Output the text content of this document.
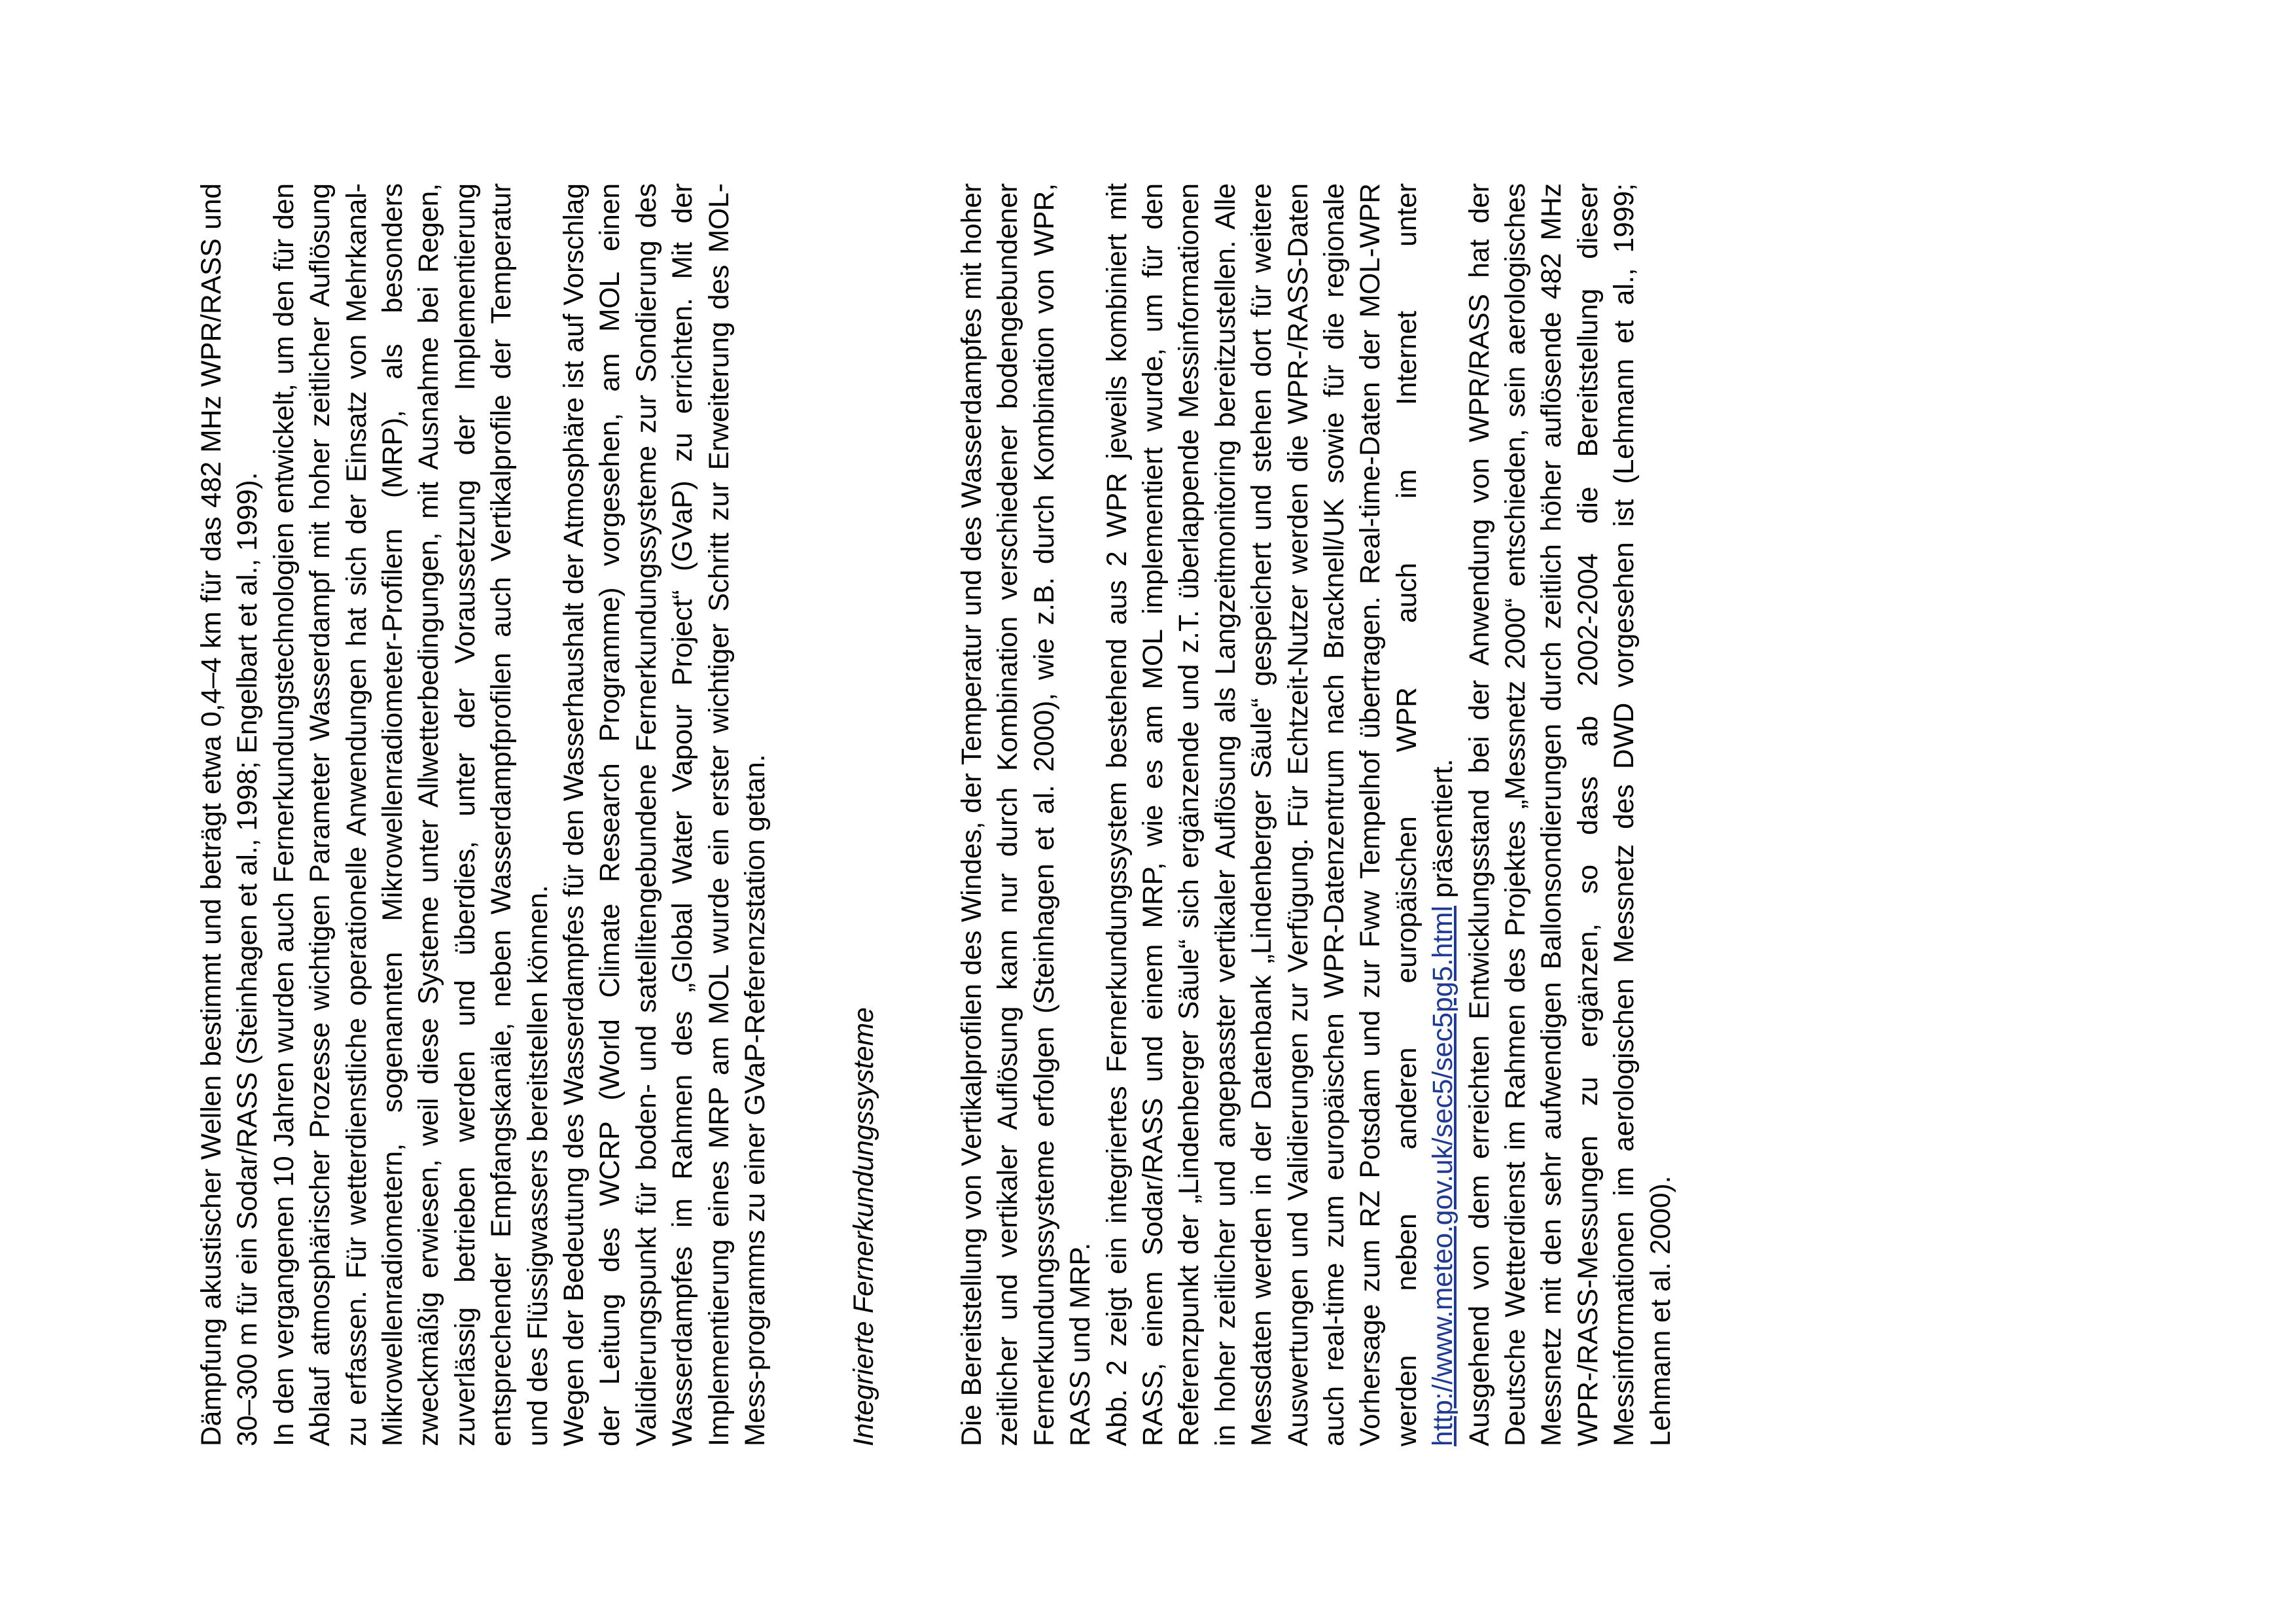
Dämpfung akustischer Wellen bestimmt und beträgt etwa 0,4–4 km für das 482 MHz WPR/RASS und 30–300 m für ein Sodar/RASS (Steinhagen et al., 1998; Engelbart et al., 1999). In den vergangenen 10 Jahren wurden auch Fernerkundungstechnologien entwickelt, um den für den Ablauf atmosphärischer Prozesse wichtigen Parameter Wasserdampf mit hoher zeitlicher Auflösung zu erfassen. Für wetterdienstliche operationelle Anwendungen hat sich der Einsatz von Mehrkanal-Mikrowellenradiometern, sogenannten Mikrowellenradiometer-Profilern (MRP), als besonders zweckmäßig erwiesen, weil diese Systeme unter Allwetterbedingungen, mit Ausnahme bei Regen, zuverlässig betrieben werden und überdies, unter der Voraussetzung der Implementierung entsprechender Empfangskanäle, neben Wasserdampfprofilen auch Vertikalprofile der Temperatur und des Flüssigwassers bereitstellen können. Wegen der Bedeutung des Wasserdampfes für den Wasserhaushalt der Atmosphäre ist auf Vorschlag der Leitung des WCRP (World Climate Research Programme) vorgesehen, am MOL einen Validierungspunkt für boden- und satellitengebundene Fernerkundungssysteme zur Sondierung des Wasserdampfes im Rahmen des „Global Water Vapour Project“ (GVaP) zu errichten. Mit der Implementierung eines MRP am MOL wurde ein erster wichtiger Schritt zur Erweiterung des MOL-Mess-programms zu einer GVaP-Referenzstation getan.	Integrierte Fernerkundungssysteme	Die Bereitstellung von Vertikalprofilen des Windes, der Temperatur und des Wasserdampfes mit hoher zeitlicher und vertikaler Auflösung kann nur durch Kombination verschiedener bodengebundener Fernerkundungssysteme erfolgen (Steinhagen et al. 2000), wie z.B. durch Kombination von WPR, RASS und MRP. Abb. 2 zeigt ein integriertes Fernerkundungssystem bestehend aus 2 WPR jeweils kombiniert mit RASS, einem Sodar/RASS und einem MRP, wie es am MOL implementiert wurde, um für den Referenzpunkt der „Lindenberger Säule“ sich ergänzende und z.T. überlappende Messinformationen in hoher zeitlicher und angepasster vertikaler Auflösung als Langzeitmonitoring bereitzustellen. Alle Messdaten werden in der Datenbank „Lindenberger Säule“ gespeichert und stehen dort für weitere Auswertungen und Validierungen zur Verfügung. Für Echtzeit-Nutzer werden die WPR-/RASS-Daten auch real-time zum europäischen WPR-Datenzentrum nach Bracknell/UK sowie für die regionale Vorhersage zum RZ Potsdam und zur Fww Tempelhof übertragen. Real-time-Daten der MOL-WPR werden neben anderen europäischen WPR auch im Internet unter http://www.meteo.gov.uk/sec5/sec5pg5.html präsentiert. Ausgehend von dem erreichten Entwicklungsstand bei der Anwendung von WPR/RASS hat der Deutsche Wetterdienst im Rahmen des Projektes „Messnetz 2000“ entschieden, sein aerologisches Messnetz mit den sehr aufwendigen Ballonsondierungen durch zeitlich höher auflösende 482 MHz WPR-/RASS-Messungen zu ergänzen, so dass ab 2002-2004 die Bereitstellung dieser Messinformationen im aerologischen Messnetz des DWD vorgesehen ist (Lehmann et al., 1999; Lehmann et al. 2000).
